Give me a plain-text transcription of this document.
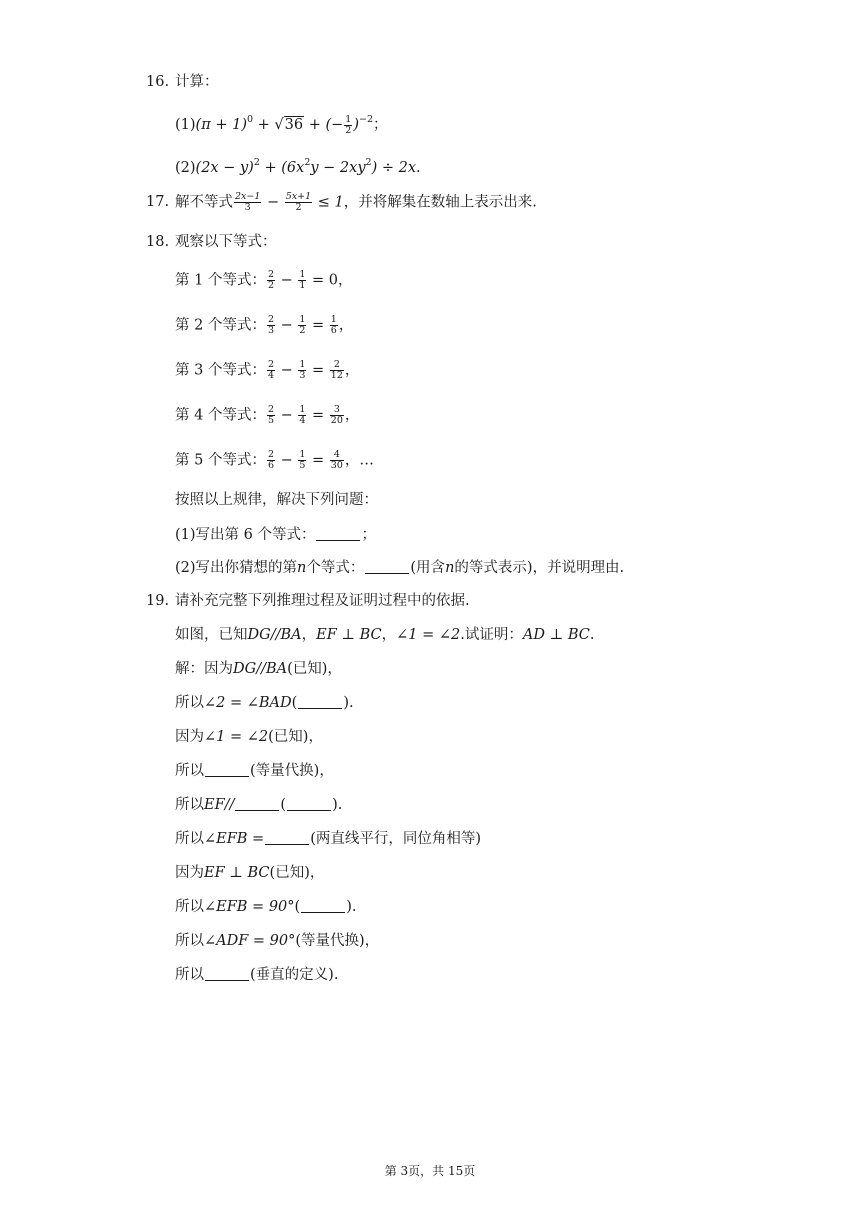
16. 计算：
$(1)(\pi + 1)^0 + √36$ + (− $\frac{1}{2} )^{-2}$；
$(2)(2x - y)^2 + (6x^2y - 2xy^2) \div 2x$.
17. 解不等式 $\frac{2x-1}{3} - \frac{5x+1}{2} \le 1$，并将解集在数轴上表示出来.
18. 观察以下等式：
第 1 个等式： $\frac{2}{2} - \frac{1}{1} = 0$，
第 2 个等式： $\frac{2}{3} - \frac{1}{2} = \frac{1}{6}$ ，
第 3 个等式： $\frac{2}{4} - \frac{1}{3} = \frac{2}{12}$ ，
第 4 个等式： $\frac{2}{5} - \frac{1}{4} = \frac{3}{20}$ ，
第 5 个等式： $\frac{2}{6} - \frac{1}{5} = \frac{4}{30}$ ，…
按照以上规律，解决下列问题：
(1)写出第 6 个等式：	；
(2)写出你猜想的第n个等式：	(用含n的等式表示)，并说明理由.
19. 请补充完整下列推理过程及证明过程中的依据.
如图，已知DG//BA，EF ⊥ BC，∠1 = ∠2.试证明：AD ⊥ BC.
解：因为DG//BA(已知)，
所以∠2 = ∠BAD(	).
因为∠1 = ∠2(已知)，
所以	(等量代换)，
所以EF//	(	).
所以∠EFB =	(两直线平行，同位角相等)
因为EF ⊥ BC(已知)，
所以∠EFB = 90°(	).
所以∠ADF = 90°(等量代换)，
所以	(垂直的定义).
第 3页，共 15页
